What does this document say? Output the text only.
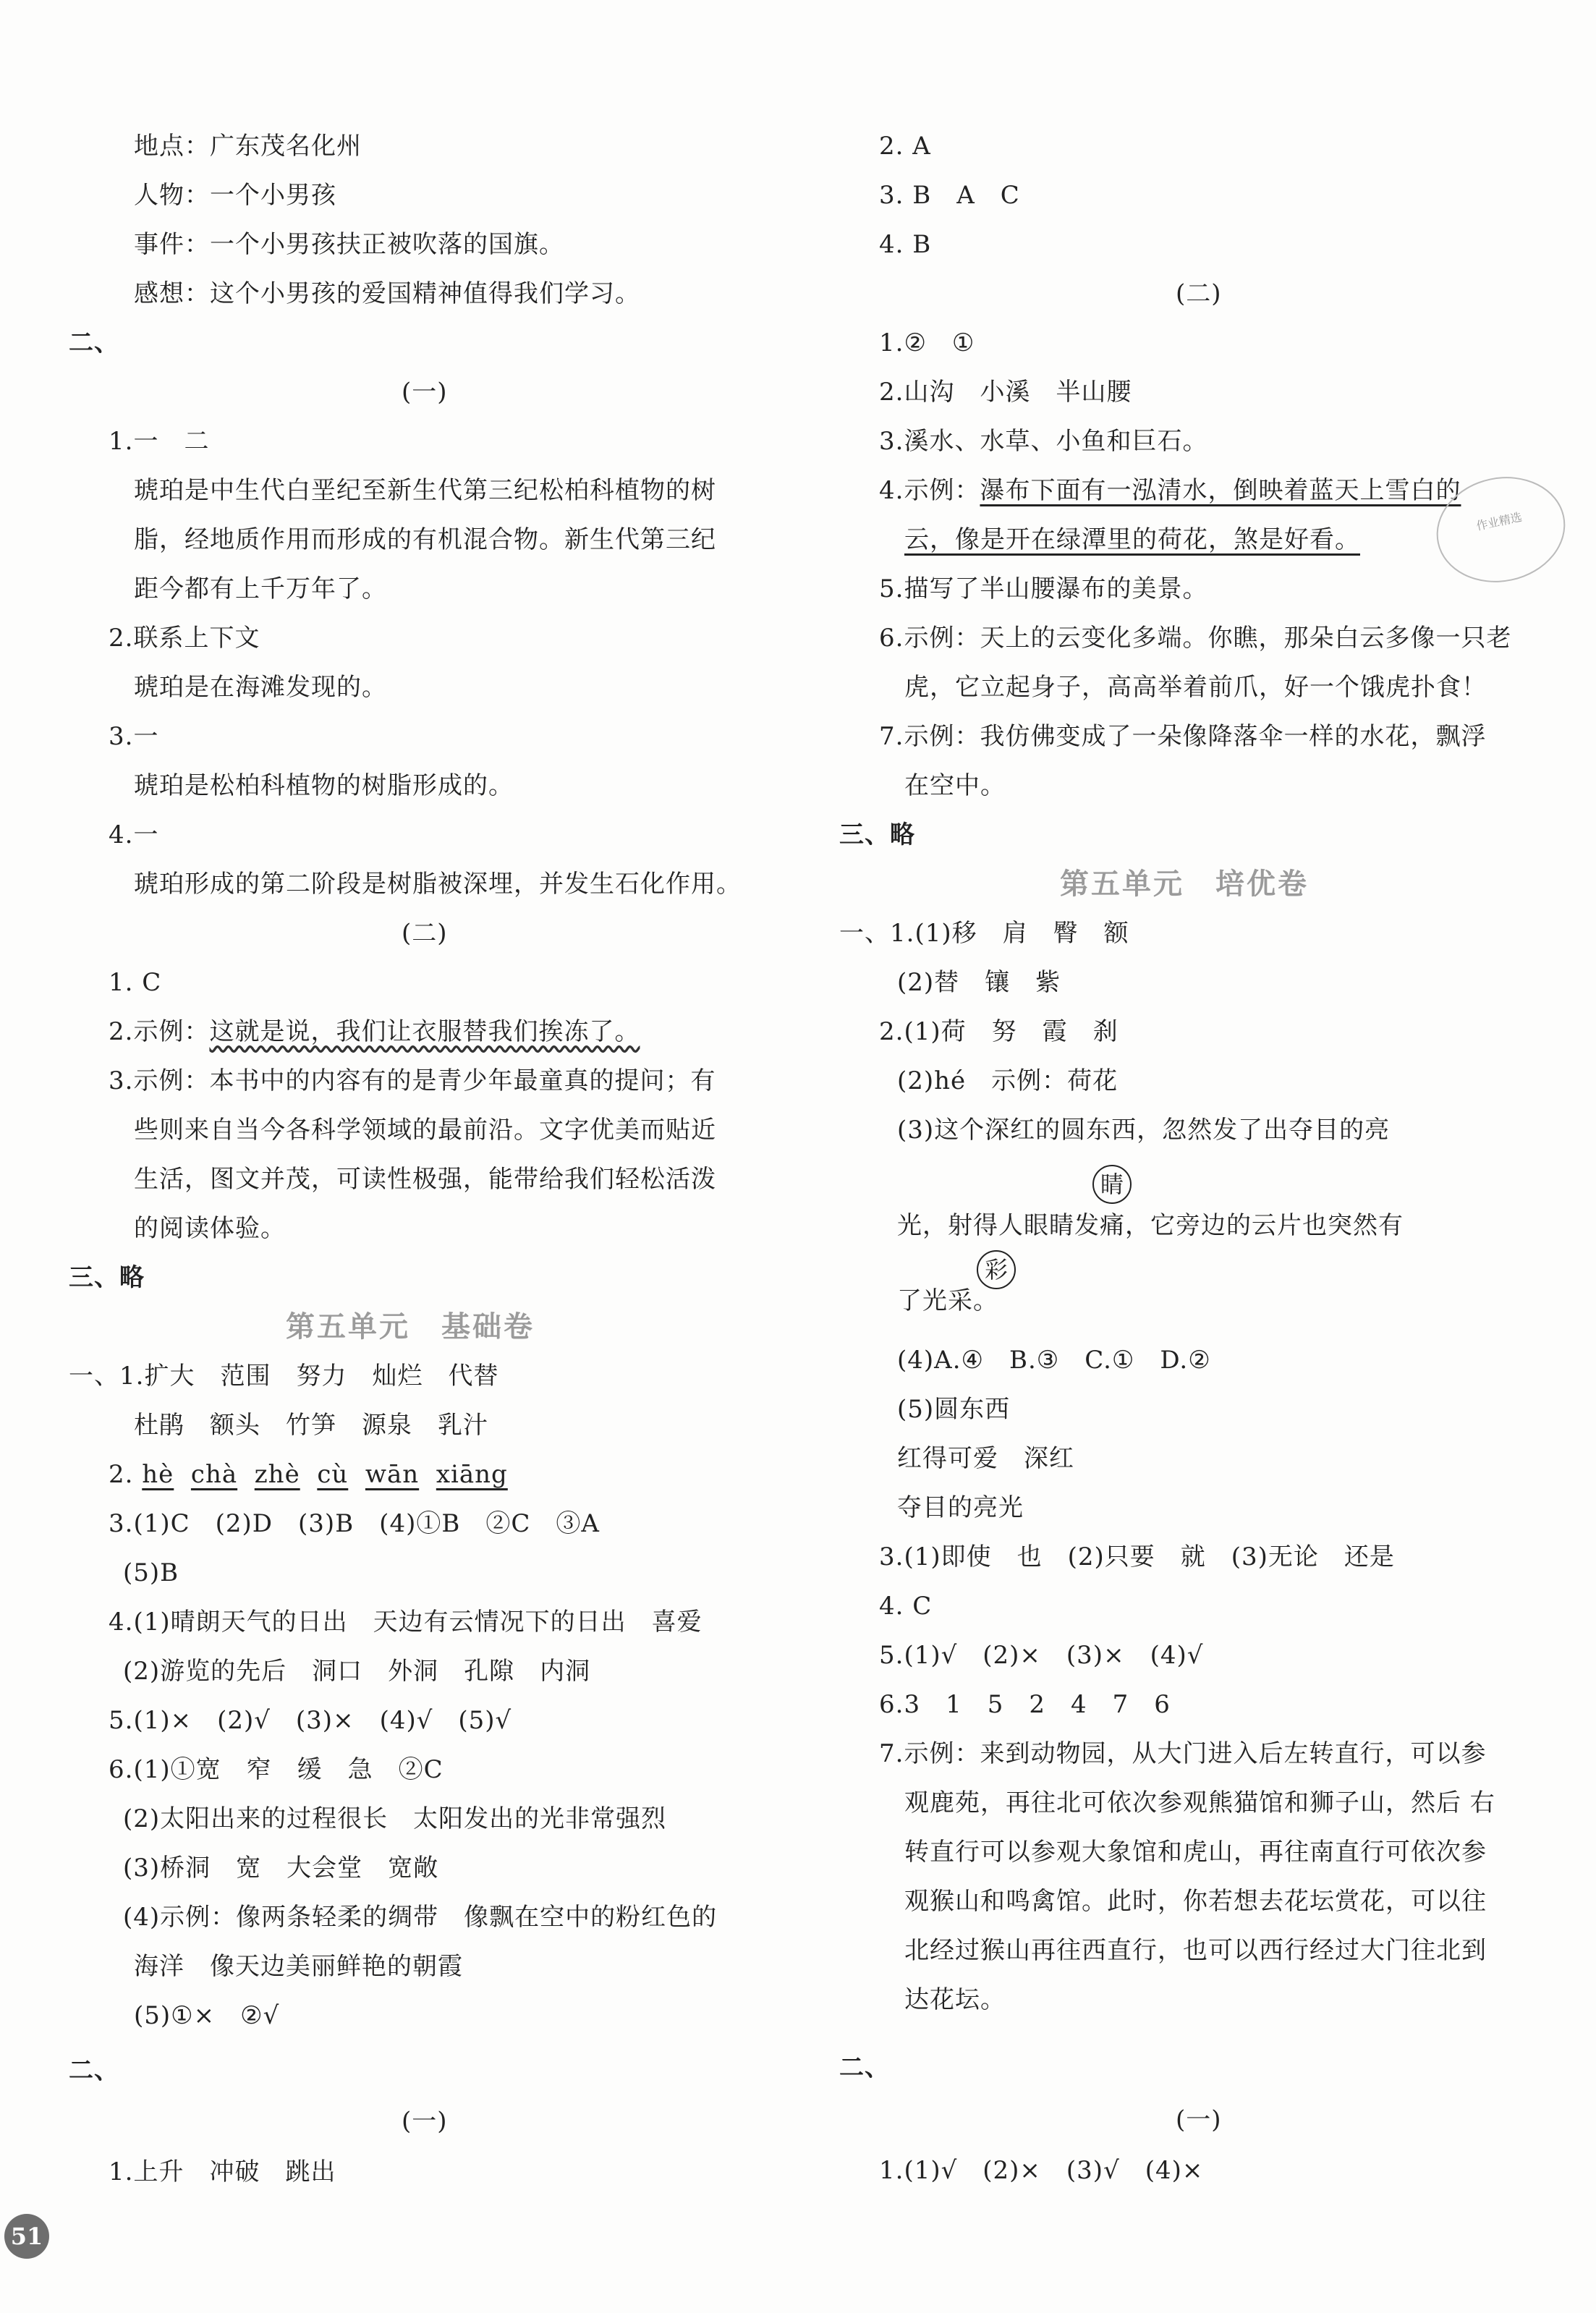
地点：广东茂名化州
人物：一个小男孩
事件：一个小男孩扶正被吹落的国旗。
感想：这个小男孩的爱国精神值得我们学习。
二、
(一)
1.一　二
琥珀是中生代白垩纪至新生代第三纪松柏科植物的树
脂，经地质作用而形成的有机混合物。新生代第三纪
距今都有上千万年了。
2.联系上下文
琥珀是在海滩发现的。
3.一
琥珀是松柏科植物的树脂形成的。
4.一
琥珀形成的第二阶段是树脂被深埋，并发生石化作用。
(二)
1. C
2.示例：这就是说，我们让衣服替我们挨冻了。
3.示例：本书中的内容有的是青少年最童真的提问；有
些则来自当今各科学领域的最前沿。文字优美而贴近
生活，图文并茂，可读性极强，能带给我们轻松活泼
的阅读体验。
三、略
第五单元　基础卷
一、1.扩大　范围　努力　灿烂　代替
杜鹃　额头　竹笋　源泉　乳汁
2. hè chà zhè cù wān xiāng
3.(1)C　(2)D　(3)B　(4)①B　②C　③A
(5)B
4.(1)晴朗天气的日出　天边有云情况下的日出　喜爱
(2)游览的先后　洞口　外洞　孔隙　内洞
5.(1)×　(2)√　(3)×　(4)√　(5)√
6.(1)①宽　窄　缓　急　②C
(2)太阳出来的过程很长　太阳发出的光非常强烈
(3)桥洞　宽　大会堂　宽敞
(4)示例：像两条轻柔的绸带　像飘在空中的粉红色的
海洋　像天边美丽鲜艳的朝霞
(5)①×　②√
二、
(一)
1.上升　冲破　跳出
2. A
3. B　A　C
4. B
(二)
1.②　①
2.山沟　小溪　半山腰
3.溪水、水草、小鱼和巨石。
4.示例：瀑布下面有一泓清水，倒映着蓝天上雪白的
云，像是开在绿潭里的荷花，煞是好看。
作业精选
5.描写了半山腰瀑布的美景。
6.示例：天上的云变化多端。你瞧，那朵白云多像一只老
虎，它立起身子，高高举着前爪，好一个饿虎扑食！
7.示例：我仿佛变成了一朵像降落伞一样的水花，飘浮
在空中。
三、略
第五单元　培优卷
一、1.(1)移　肩　臀　额
(2)替　镶　紫
2.(1)荷　努　霞　刹
(2)hé　示例：荷花
(3)这个深红的圆东西，忽然发了出夺目的亮
睛
光，射得人眼睛发痛，它旁边的云片也突然有
彩
了光采。
(4)A.④　B.③　C.①　D.②
(5)圆东西
红得可爱　深红
夺目的亮光
3.(1)即使　也　(2)只要　就　(3)无论　还是
4. C
5.(1)√　(2)×　(3)×　(4)√
6.3　1　5　2　4　7　6
7.示例：来到动物园，从大门进入后左转直行，可以参
观鹿苑，再往北可依次参观熊猫馆和狮子山，然后 右
转直行可以参观大象馆和虎山，再往南直行可依次参
观猴山和鸣禽馆。此时，你若想去花坛赏花，可以往
北经过猴山再往西直行，也可以西行经过大门往北到
达花坛。
二、
(一)
1.(1)√　(2)×　(3)√　(4)×
51
